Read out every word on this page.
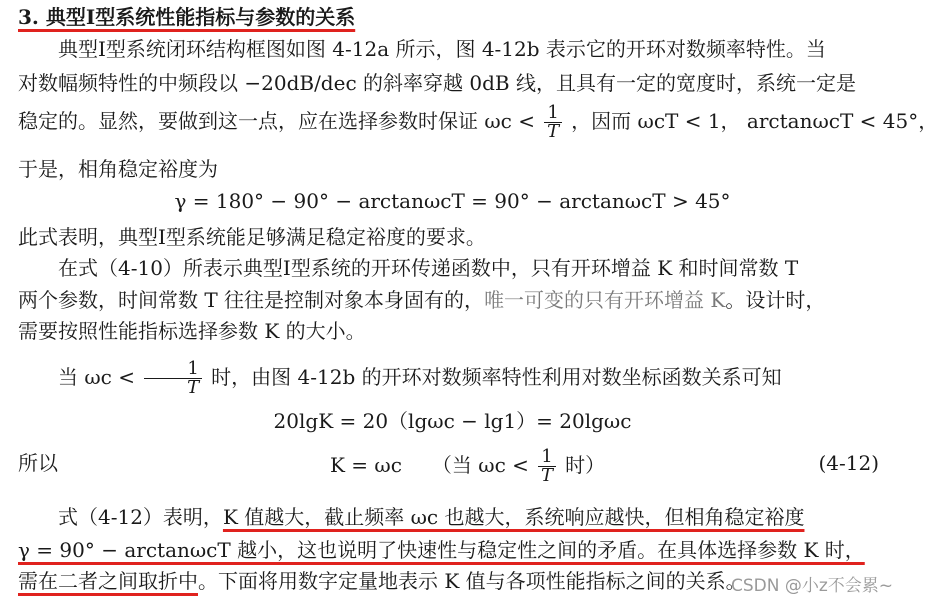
3. 典型Ⅰ型系统性能指标与参数的关系
典型Ⅰ型系统闭环结构框图如图 4-12a 所示，图 4-12b 表示它的开环对数频率特性。当
对数幅频特性的中频段以 −20dB/dec 的斜率穿越 0dB 线，且具有一定的宽度时，系统一定是
稳定的。显然，要做到这一点，应在选择参数时保证 $\omega c < \frac{1}{T}$ ，因而 ωcT < 1， arctanωcT < 45°，
于是，相角稳定裕度为
γ = 180° − 90° − arctanωcT = 90° − arctanωcT > 45°
此式表明，典型Ⅰ型系统能足够满足稳定裕度的要求。
在式（4-10）所表示典型Ⅰ型系统的开环传递函数中，只有开环增益 K 和时间常数 T
两个参数，时间常数 T 往往是控制对象本身固有的，唯一可变的只有开环增益 K。设计时，
需要按照性能指标选择参数 K 的大小。
当 $\omega c < \frac{1}{T}$ 时，由图 4-12b 的开环对数频率特性利用对数坐标函数关系可知
20lgK = 20（lgωc − lg1）= 20lgωc
所以	K = ωc　　（当 $\omega c < \frac{1}{T}$ 时）	(4-12)
式（4-12）表明，K 值越大，截止频率 ωc 也越大，系统响应越快，但相角稳定裕度
γ = 90° − arctanωcT 越小，这也说明了快速性与稳定性之间的矛盾。在具体选择参数 K 时，
需在二者之间取折中。下面将用数字定量地表示 K 值与各项性能指标之间的关系。
CSDN @小z不会累~
